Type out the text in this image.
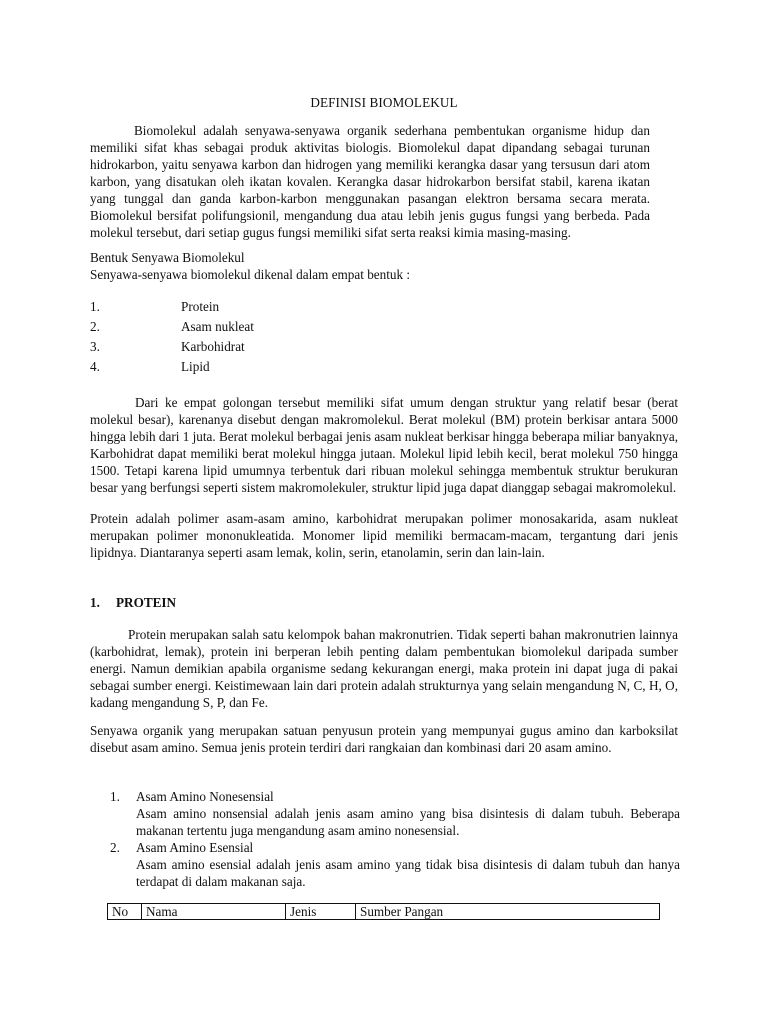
DEFINISI BIOMOLEKUL

Biomolekul adalah senyawa-senyawa organik sederhana pembentukan organisme hidup dan memiliki sifat khas sebagai produk aktivitas biologis. Biomolekul dapat dipandang sebagai turunan hidrokarbon, yaitu senyawa karbon dan hidrogen yang memiliki kerangka dasar yang tersusun dari atom karbon, yang disatukan oleh ikatan kovalen. Kerangka dasar hidrokarbon bersifat stabil, karena ikatan yang tunggal dan ganda karbon-karbon menggunakan pasangan elektron bersama secara merata. Biomolekul bersifat polifungsionil, mengandung dua atau lebih jenis gugus fungsi yang berbeda. Pada molekul tersebut, dari setiap gugus fungsi memiliki sifat serta reaksi kimia masing-masing.

Bentuk Senyawa Biomolekul
Senyawa-senyawa biomolekul dikenal dalam empat bentuk :
1.	Protein
2.	Asam nukleat
3.	Karbohidrat
4.	Lipid

Dari ke empat golongan tersebut memiliki sifat umum dengan struktur yang relatif besar (berat molekul besar), karenanya disebut dengan makromolekul. Berat molekul (BM) protein berkisar antara 5000 hingga lebih dari 1 juta. Berat molekul berbagai jenis asam nukleat berkisar hingga beberapa miliar banyaknya, Karbohidrat dapat memiliki berat molekul hingga jutaan. Molekul lipid lebih kecil, berat molekul 750 hingga 1500. Tetapi karena lipid umumnya terbentuk dari ribuan molekul sehingga membentuk struktur berukuran besar yang berfungsi seperti sistem makromolekuler, struktur lipid juga dapat dianggap sebagai makromolekul.

Protein adalah polimer asam-asam amino, karbohidrat merupakan polimer monosakarida, asam nukleat merupakan polimer mononukleatida. Monomer lipid memiliki bermacam-macam, tergantung dari jenis lipidnya. Diantaranya seperti asam lemak, kolin, serin, etanolamin, serin dan lain-lain.

1. PROTEIN

Protein merupakan salah satu kelompok bahan makronutrien. Tidak seperti bahan makronutrien lainnya (karbohidrat, lemak), protein ini berperan lebih penting dalam pembentukan biomolekul daripada sumber energi. Namun demikian apabila organisme sedang kekurangan energi, maka protein ini dapat juga di pakai sebagai sumber energi. Keistimewaan lain dari protein adalah strukturnya yang selain mengandung N, C, H, O, kadang mengandung S, P, dan Fe.

Senyawa organik yang merupakan satuan penyusun protein yang mempunyai gugus amino dan karboksilat disebut asam amino. Semua jenis protein terdiri dari rangkaian dan kombinasi dari 20 asam amino.

1.	Asam Amino Nonesensial
Asam amino nonsensial adalah jenis asam amino yang bisa disintesis di dalam tubuh. Beberapa makanan tertentu juga mengandung asam amino nonesensial.
2.	Asam Amino Esensial
Asam amino esensial adalah jenis asam amino yang tidak bisa disintesis di dalam tubuh dan hanya terdapat di dalam makanan saja.
No	Nama	Jenis	Sumber Pangan
